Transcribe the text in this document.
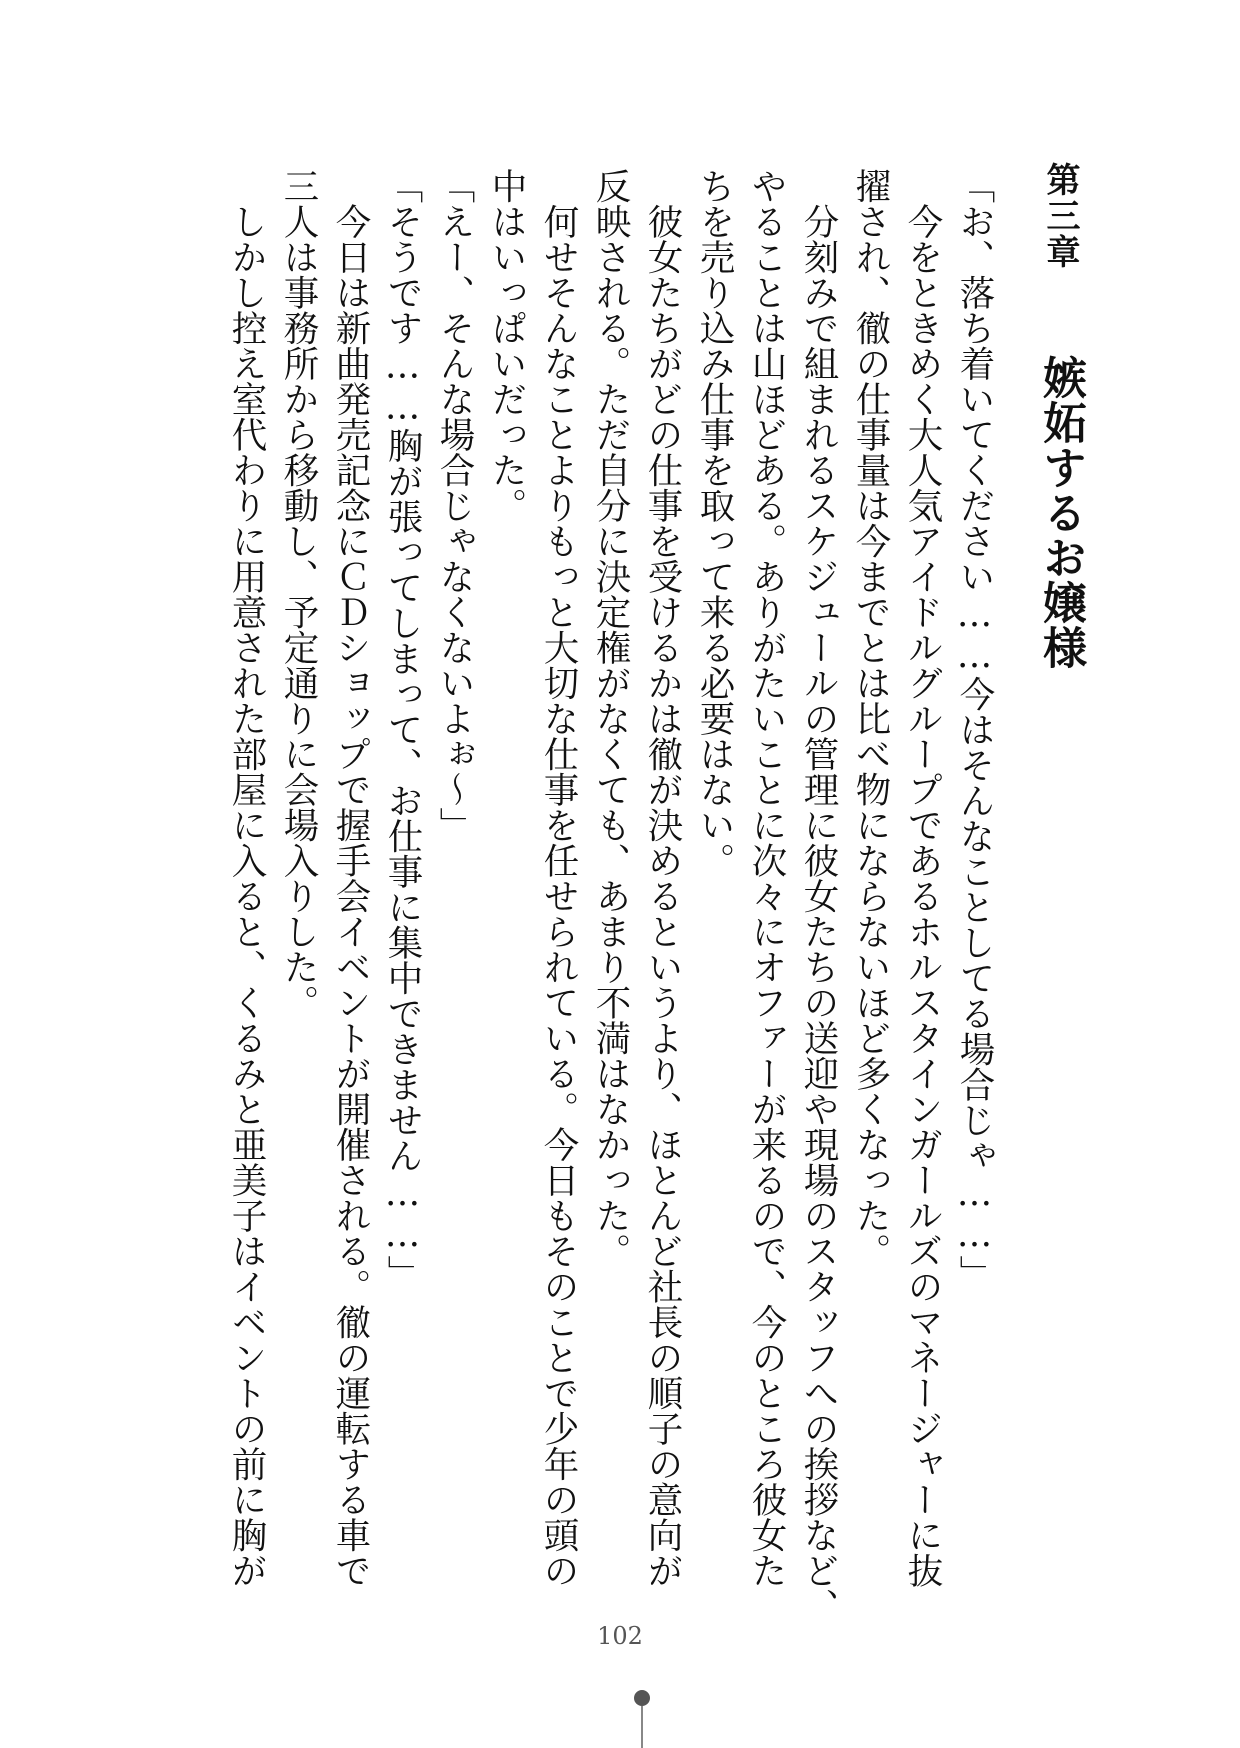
第三章 嫉妬するお嬢様
「お、落ち着いてください……今はそんなことしてる場合じゃ……」
　今をときめく大人気アイドルグループであるホルスタインガールズのマネージャーに抜
擢され、徹の仕事量は今までとは比べ物にならないほど多くなった。
　分刻みで組まれるスケジュールの管理に彼女たちの送迎や現場のスタッフへの挨拶など、
やることは山ほどある。ありがたいことに次々にオファーが来るので、今のところ彼女た
ちを売り込み仕事を取って来る必要はない。
　彼女たちがどの仕事を受けるかは徹が決めるというより、ほとんど社長の順子の意向が
反映される。ただ自分に決定権がなくても、あまり不満はなかった。
　何せそんなことよりもっと大切な仕事を任せられている。今日もそのことで少年の頭の
中はいっぱいだった。
「えー、そんな場合じゃなくないよぉ～」
「そうです……胸が張ってしまって、お仕事に集中できません……」
　今日は新曲発売記念にＣＤショップで握手会イベントが開催される。徹の運転する車で
三人は事務所から移動し、予定通りに会場入りした。
　しかし控え室代わりに用意された部屋に入ると、くるみと亜美子はイベントの前に胸が
102
